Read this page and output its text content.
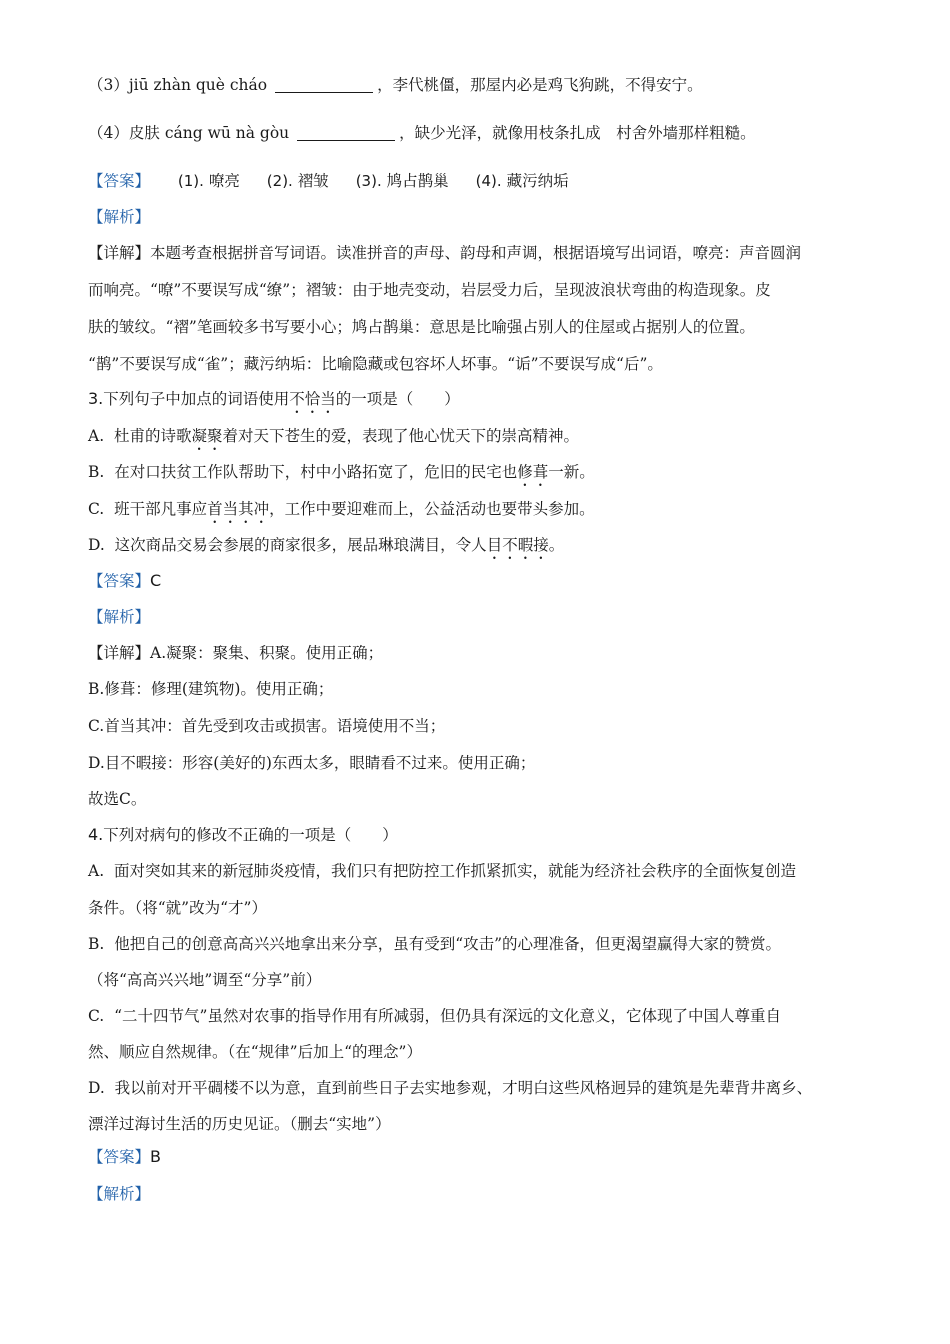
（3）jiū zhàn què cháo	，李代桃僵，那屋内必是鸡飞狗跳，不得安宁。
（4）皮肤 cáng wū nà gòu	，缺少光泽，就像用枝条扎成　村舍外墙那样粗糙。
【答案】 (1). 嘹亮 (2). 褶皱 (3). 鸠占鹊巢 (4). 藏污纳垢
【解析】
【详解】本题考查根据拼音写词语。读准拼音的声母、韵母和声调，根据语境写出词语，嘹亮：声音圆润
而响亮。“嘹”不要误写成“缭”；褶皱：由于地壳变动，岩层受力后，呈现波浪状弯曲的构造现象。皮
肤的皱纹。“褶”笔画较多书写要小心；鸠占鹊巢：意思是比喻强占别人的住屋或占据别人的位置。
“鹊”不要误写成“雀”；藏污纳垢：比喻隐藏或包容坏人坏事。“诟”不要误写成“后”。
3.下列句子中加点的词语使用不恰当的一项是（　　）
A. 杜甫的诗歌凝聚着对天下苍生的爱，表现了他心忧天下的崇高精神。
B. 在对口扶贫工作队帮助下，村中小路拓宽了，危旧的民宅也修葺一新。
C. 班干部凡事应首当其冲，工作中要迎难而上，公益活动也要带头参加。
D. 这次商品交易会参展的商家很多，展品琳琅满目，令人目不暇接。
【答案】C
【解析】
【详解】A.凝聚：聚集、积聚。使用正确；
B.修葺：修理(建筑物)。使用正确；
C.首当其冲：首先受到攻击或损害。语境使用不当；
D.目不暇接：形容(美好的)东西太多，眼睛看不过来。使用正确；
故选C。
4.下列对病句的修改不正确的一项是（　　）
A. 面对突如其来的新冠肺炎疫情，我们只有把防控工作抓紧抓实，就能为经济社会秩序的全面恢复创造
条件。（将“就”改为“才”）
B. 他把自己的创意高高兴兴地拿出来分享，虽有受到“攻击”的心理准备，但更渴望赢得大家的赞赏。
（将“高高兴兴地”调至“分享”前）
C. “二十四节气”虽然对农事的指导作用有所减弱，但仍具有深远的文化意义，它体现了中国人尊重自
然、顺应自然规律。（在“规律”后加上“的理念”）
D. 我以前对开平碉楼不以为意，直到前些日子去实地参观，才明白这些风格迥异的建筑是先辈背井离乡、
漂洋过海讨生活的历史见证。（删去“实地”）
【答案】B
【解析】
